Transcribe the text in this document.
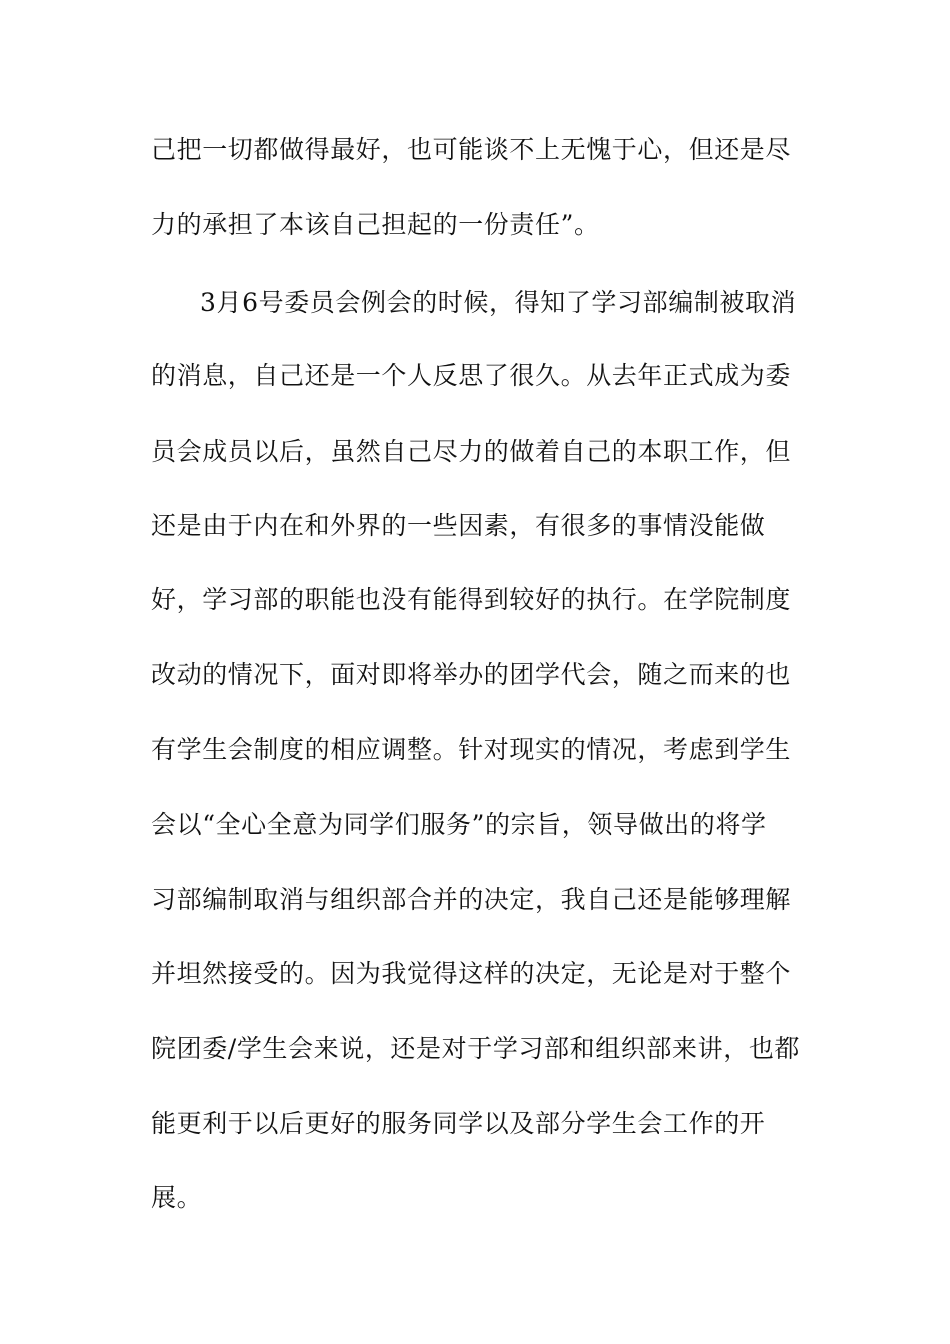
己把一切都做得最好，也可能谈不上无愧于心，但还是尽
力的承担了本该自己担起的一份责任”。
3月6号委员会例会的时候，得知了学习部编制被取消
的消息，自己还是一个人反思了很久。从去年正式成为委
员会成员以后，虽然自己尽力的做着自己的本职工作，但
还是由于内在和外界的一些因素，有很多的事情没能做
好，学习部的职能也没有能得到较好的执行。在学院制度
改动的情况下，面对即将举办的团学代会，随之而来的也
有学生会制度的相应调整。针对现实的情况，考虑到学生
会以“全心全意为同学们服务”的宗旨，领导做出的将学
习部编制取消与组织部合并的决定，我自己还是能够理解
并坦然接受的。因为我觉得这样的决定，无论是对于整个
院团委/学生会来说，还是对于学习部和组织部来讲，也都
能更利于以后更好的服务同学以及部分学生会工作的开
展。
